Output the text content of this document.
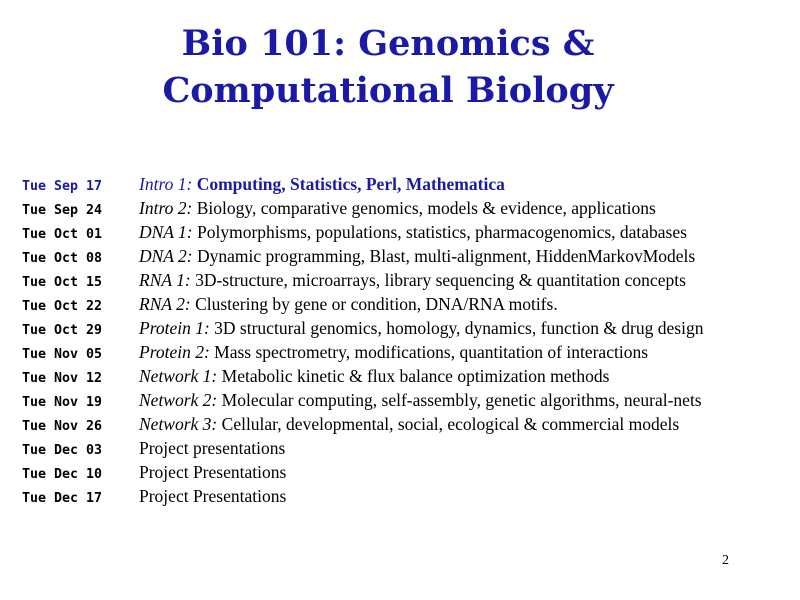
Bio 101: Genomics &
Computational Biology
Tue Sep 17 Intro 1: Computing, Statistics, Perl, Mathematica
Tue Sep 24 Intro 2: Biology, comparative genomics, models & evidence, applications
Tue Oct 01 DNA 1: Polymorphisms, populations, statistics, pharmacogenomics, databases
Tue Oct 08 DNA 2: Dynamic programming, Blast, multi-alignment, HiddenMarkovModels
Tue Oct 15 RNA 1: 3D-structure, microarrays, library sequencing & quantitation concepts
Tue Oct 22 RNA 2: Clustering by gene or condition, DNA/RNA motifs.
Tue Oct 29 Protein 1: 3D structural genomics, homology, dynamics, function & drug design
Tue Nov 05 Protein 2: Mass spectrometry, modifications, quantitation of interactions
Tue Nov 12 Network 1: Metabolic kinetic & flux balance optimization methods
Tue Nov 19 Network 2: Molecular computing, self-assembly, genetic algorithms, neural-nets
Tue Nov 26 Network 3: Cellular, developmental, social, ecological & commercial models
Tue Dec 03 Project presentations
Tue Dec 10 Project Presentations
Tue Dec 17 Project Presentations
2
